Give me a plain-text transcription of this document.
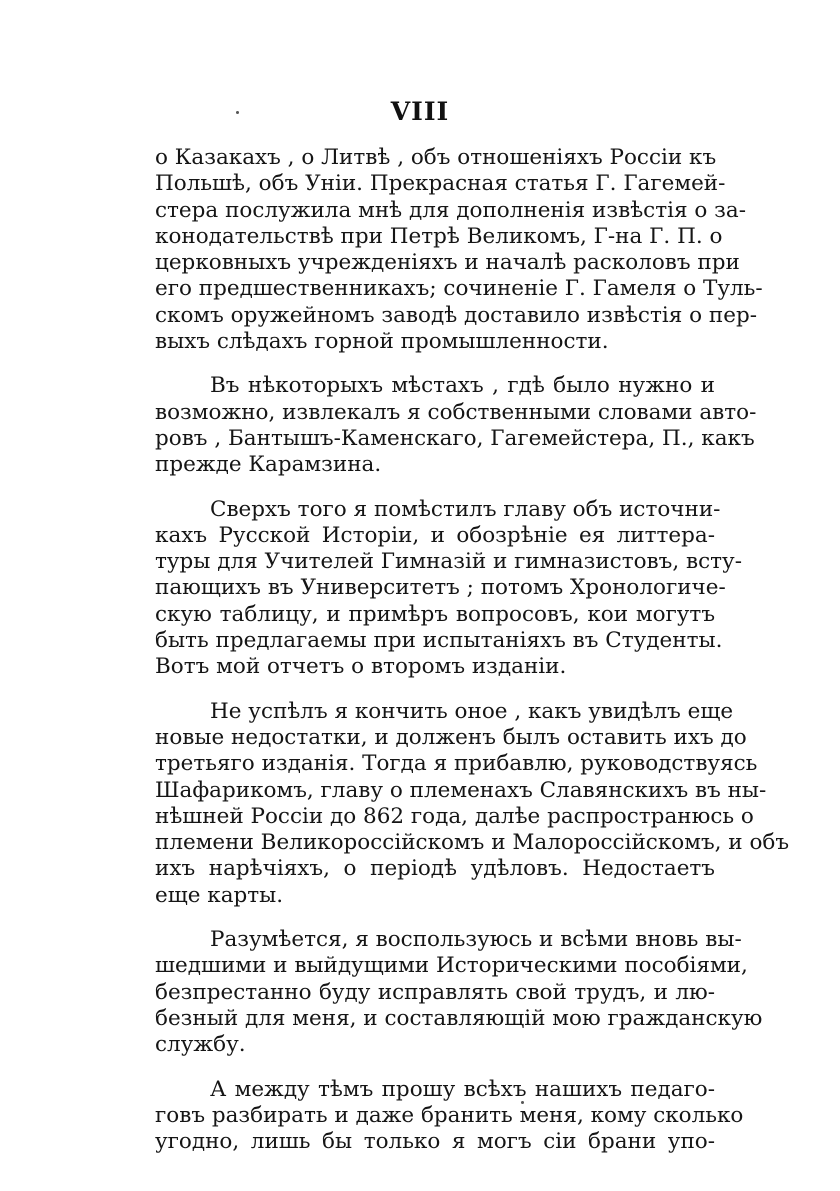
VIII
о Казакахъ , о Литвѣ , объ отношеніяхъ Россіи къ
Польшѣ, объ Уніи. Прекрасная статья Г. Гагемей-
стера послужила мнѣ для дополненія извѣстія о за-
конодательствѣ при Петрѣ Великомъ, Г-на Г. П. о
церковныхъ учрежденіяхъ и началѣ расколовъ при
его предшественникахъ; сочиненіе Г. Гамеля о Туль-
скомъ оружейномъ заводѣ доставило извѣстія о пер-
выхъ слѣдахъ горной промышленности.
Въ нѣкоторыхъ мѣстахъ , гдѣ было нужно и
возможно, извлекалъ я собственными словами авто-
ровъ , Бантышъ-Каменскаго, Гагемейстера, П., какъ
прежде Карамзина.
Сверхъ того я помѣстилъ главу объ источни-
кахъ Русской Исторіи, и обозрѣніе ея литтера-
туры для Учителей Гимназій и гимназистовъ, всту-
пающихъ въ Университетъ ; потомъ Хронологиче-
скую таблицу, и примѣръ вопросовъ, кои могутъ
быть предлагаемы при испытаніяхъ въ Студенты.
Вотъ мой отчетъ о второмъ изданіи.
Не успѣлъ я кончить оное , какъ увидѣлъ еще
новые недостатки, и долженъ былъ оставить ихъ до
третьяго изданія. Тогда я прибавлю, руководствуясь
Шафарикомъ, главу о племенахъ Славянскихъ въ ны-
нѣшней Россіи до 862 года, далѣе распространюсь о
племени Великороссійскомъ и Малороссійскомъ, и объ
ихъ нарѣчіяхъ, о періодѣ удѣловъ. Недостаетъ
еще карты.
Разумѣется, я воспользуюсь и всѣми вновь вы-
шедшими и выйдущими Историческими пособіями,
безпрестанно буду исправлять свой трудъ, и лю-
безный для меня, и составляющій мою гражданскую
службу.
А между тѣмъ прошу всѣхъ нашихъ педаго-
говъ разбирать и даже бранить меня, кому сколько
угодно, лишь бы только я могъ сіи брани упо-
